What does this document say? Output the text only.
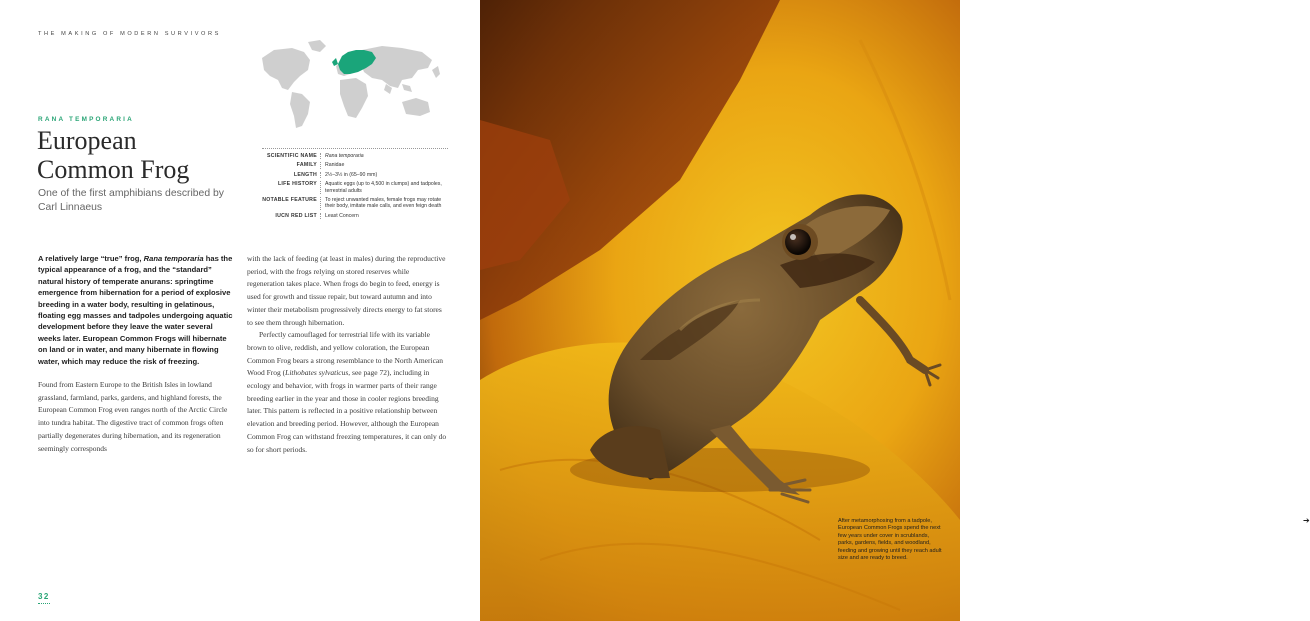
THE MAKING OF MODERN SURVIVORS
RANA TEMPORARIA
European
Common Frog
One of the first amphibians described by Carl Linnaeus
SCIENTIFIC NAME	Rana temporaria
FAMILY	Ranidae
LENGTH	2½–3½ in (65–90 mm)
LIFE HISTORY	Aquatic eggs (up to 4,500 in clumps) and tadpoles, terrestrial adults
NOTABLE FEATURE	To reject unwanted males, female frogs may rotate their body, imitate male calls, and even feign death
IUCN RED LIST	Least Concern

A relatively large “true” frog, Rana temporaria has the typical appearance of a frog, and the “standard” natural history of temperate anurans: springtime emergence from hibernation for a period of explosive breeding in a water body, resulting in gelatinous, floating egg masses and tadpoles undergoing aquatic development before they leave the water several weeks later. European Common Frogs will hibernate on land or in water, and many hibernate in flowing water, which may reduce the risk of freezing.

Found from Eastern Europe to the British Isles in lowland grassland, farmland, parks, gardens, and highland forests, the European Common Frog even ranges north of the Arctic Circle into tundra habitat. The digestive tract of common frogs often partially degenerates during hibernation, and its regeneration seemingly corresponds

with the lack of feeding (at least in males) during the reproductive period, with the frogs relying on stored reserves while regeneration takes place. When frogs do begin to feed, energy is used for growth and tissue repair, but toward autumn and into winter their metabolism progressively directs energy to fat stores to see them through hibernation.

Perfectly camouflaged for terrestrial life with its variable brown to olive, reddish, and yellow coloration, the European Common Frog bears a strong resemblance to the North American Wood Frog (Lithobates sylvaticus, see page 72), including in ecology and behavior, with frogs in warmer parts of their range breeding earlier in the year and those in cooler regions breeding later. This pattern is reflected in a positive relationship between elevation and breeding period. However, although the European Common Frog can withstand freezing temperatures, it can only do so for short periods.

32
➔
After metamorphosing from a tadpole, European Common Frogs spend the next few years under cover in scrublands, parks, gardens, fields, and woodland, feeding and growing until they reach adult size and are ready to breed.
